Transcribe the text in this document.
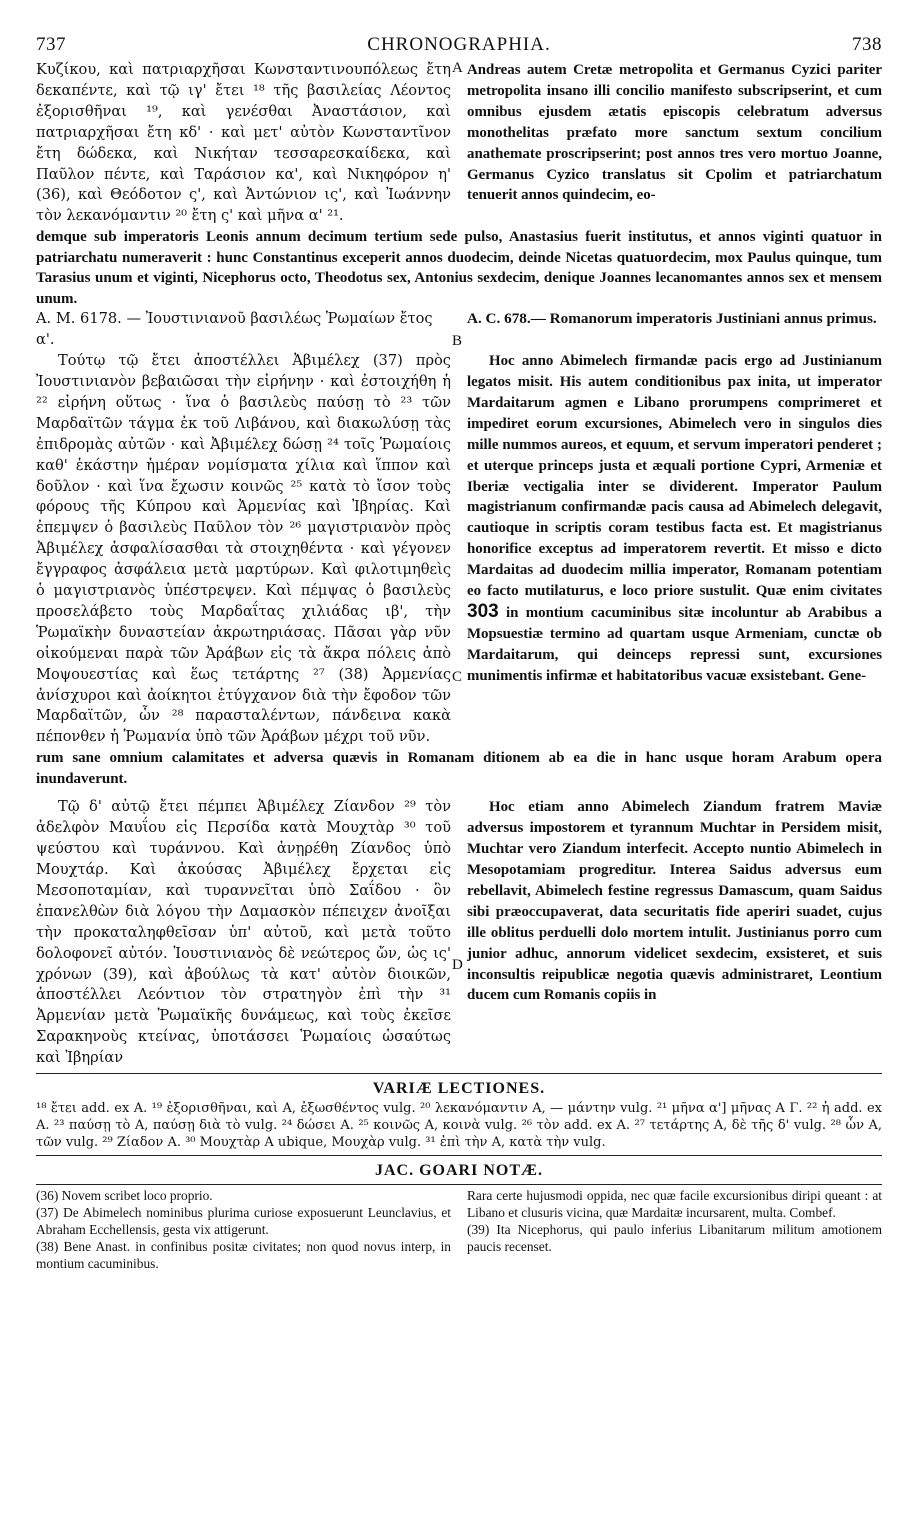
737	CHRONOGRAPHIA.	738
Κυζίκου, καὶ πατριαρχῆσαι Κωνσταντινουπόλεως ἔτη δεκαπέντε, καὶ τῷ ιγ' ἔτει ¹⁸ τῆς βασιλείας Λέοντος ἐξορισθῆναι ¹⁹, καὶ γενέσθαι Ἀναστάσιον, καὶ πατριαρχῆσαι ἔτη κδ' · καὶ μετ' αὐτὸν Κωνσταντῖνον ἔτη δώδεκα, καὶ Νικήταν τεσσαρεσκαίδεκα, καὶ Παῦλον πέντε, καὶ Ταράσιον κα', καὶ Νικηφόρον η' (36), καὶ Θεόδοτον ς', καὶ Ἀντώνιον ις', καὶ Ἰωάννην τὸν λεκανόμαντιν ²⁰ ἔτη ς' καὶ μῆνα α' ²¹.
Andreas autem Cretæ metropolita et Germanus Cyzici pariter metropolita insano illi concilio manifesto subscripserint, et cum omnibus ejusdem ætatis episcopis celebratum adversus monothelitas præfato more sanctum sextum concilium anathemate proscripserint; post annos tres vero mortuo Joanne, Germanus Cyzico translatus sit Cpolim et patriarchatum tenuerit annos quindecim, eo-
A
demque sub imperatoris Leonis annum decimum tertium sede pulso, Anastasius fuerit institutus, et annos viginti quatuor in patriarchatu numeraverit : hunc Constantinus exceperit annos duodecim, deinde Nicetas quatuordecim, mox Paulus quinque, tum Tarasius unum et viginti, Nicephorus octo, Theodotus sex, Antonius sexdecim, denique Joannes lecanomantes annos sex et mensem unum.
A. M. 6178. — Ἰουστινιανοῦ βασιλέως Ῥωμαίων ἔτος α'.
A. C. 678.— Romanorum imperatoris Justiniani annus primus.

Τούτῳ τῷ ἔτει ἀποστέλλει Ἀβιμέλεχ (37) πρὸς Ἰουστινιανὸν βεβαιῶσαι τὴν εἰρήνην · καὶ ἐστοιχήθη ἡ ²² εἰρήνη οὕτως · ἵνα ὁ βασιλεὺς παύσῃ τὸ ²³ τῶν Μαρδαϊτῶν τάγμα ἐκ τοῦ Λιβάνου, καὶ διακωλύσῃ τὰς ἐπιδρομὰς αὐτῶν · καὶ Ἀβιμέλεχ δώσῃ ²⁴ τοῖς Ῥωμαίοις καθ' ἑκάστην ἡμέραν νομίσματα χίλια καὶ ἵππον καὶ δοῦλον · καὶ ἵνα ἔχωσιν κοινῶς ²⁵ κατὰ τὸ ἴσον τοὺς φόρους τῆς Κύπρου καὶ Ἀρμενίας καὶ Ἰβηρίας. Καὶ ἐπεμψεν ὁ βασιλεὺς Παῦλον τὸν ²⁶ μαγιστριανὸν πρὸς Ἀβιμέλεχ ἀσφαλίσασθαι τὰ στοιχηθέντα · καὶ γέγονεν ἔγγραφος ἀσφάλεια μετὰ μαρτύρων. Καὶ φιλοτιμηθεὶς ὁ μαγιστριανὸς ὑπέστρεψεν. Καὶ πέμψας ὁ βασιλεὺς προσελάβετο τοὺς Μαρδαΐτας χιλιάδας ιβ', τὴν Ῥωμαϊκὴν δυναστείαν ἀκρωτηριάσας. Πᾶσαι γὰρ νῦν οἰκούμεναι παρὰ τῶν Ἀράβων εἰς τὰ ἄκρα πόλεις ἀπὸ Μοψουεστίας καὶ ἕως τετάρτης ²⁷ (38) Ἀρμενίας ἀνίσχυροι καὶ ἀοίκητοι ἐτύγχανον διὰ τὴν ἔφοδον τῶν Μαρδαϊτῶν, ὧν ²⁸ παρασταλέντων, πάνδεινα κακὰ πέπονθεν ἡ Ῥωμανία ὑπὸ τῶν Ἀράβων μέχρι τοῦ νῦν.

Hoc anno Abimelech firmandæ pacis ergo ad Justinianum legatos misit. His autem conditionibus pax inita, ut imperator Mardaitarum agmen e Libano prorumpens comprimeret et impediret eorum excursiones, Abimelech vero in singulos dies mille nummos aureos, et equum, et servum imperatori penderet ; et uterque princeps justa et æquali portione Cypri, Armeniæ et Iberiæ vectigalia inter se dividerent. Imperator Paulum magistrianum confirmandæ pacis causa ad Abimelech delegavit, cautioque in scriptis coram testibus facta est. Et magistrianus honorifice exceptus ad imperatorem revertit. Et misso e dicto Mardaitas ad duodecim millia imperator, Romanam potentiam eo facto mutilaturus, e loco priore sustulit. Quæ enim civitates 303 in montium cacuminibus sitæ incoluntur ab Arabibus a Mopsuestiæ termino ad quartam usque Armeniam, cunctæ ob Mardaitarum, qui deinceps repressi sunt, excursiones munimentis infirmæ et habitatoribus vacuæ exsistebant. Gene-

B
C
rum sane omnium calamitates et adversa quævis in Romanam ditionem ab ea die in hanc usque horam Arabum opera inundaverunt.

Τῷ δ' αὐτῷ ἔτει πέμπει Ἀβιμέλεχ Ζίανδον ²⁹ τὸν ἀδελφὸν Μαυΐου εἰς Περσίδα κατὰ Μουχτὰρ ³⁰ τοῦ ψεύστου καὶ τυράννου. Καὶ ἀνῃρέθη Ζίανδος ὑπὸ Μουχτάρ. Καὶ ἀκούσας Ἀβιμέλεχ ἔρχεται εἰς Μεσοποταμίαν, καὶ τυραννεῖται ὑπὸ Σαΐδου · ὃν ἐπανελθὼν διὰ λόγου τὴν Δαμασκὸν πέπειχεν ἀνοῖξαι τὴν προκαταληφθεῖσαν ὑπ' αὐτοῦ, καὶ μετὰ τοῦτο δολοφονεῖ αὐτόν. Ἰουστινιανὸς δὲ νεώτερος ὤν, ὡς ις' χρόνων (39), καὶ ἀβούλως τὰ κατ' αὐτὸν διοικῶν, ἀποστέλλει Λεόντιον τὸν στρατηγὸν ἐπὶ τὴν ³¹ Ἀρμενίαν μετὰ Ῥωμαϊκῆς δυνάμεως, καὶ τοὺς ἐκεῖσε Σαρακηνοὺς κτείνας, ὑποτάσσει Ῥωμαίοις ὡσαύτως καὶ Ἰβηρίαν

Hoc etiam anno Abimelech Ziandum fratrem Maviæ adversus impostorem et tyrannum Muchtar in Persidem misit, Muchtar vero Ziandum interfecit. Accepto nuntio Abimelech in Mesopotamiam progreditur. Interea Saidus adversus eum rebellavit, Abimelech festine regressus Damascum, quam Saidus sibi præoccupaverat, data securitatis fide aperiri suadet, cujus ille oblitus perduelli dolo mortem intulit. Justinianus porro cum junior adhuc, annorum videlicet sexdecim, exsisteret, et suis inconsultis reipublicæ negotia quævis administraret, Leontium ducem cum Romanis copiis in

D
VARIÆ LECTIONES.
¹⁸ ἔτει add. ex A. ¹⁹ ἐξορισθῆναι, καὶ A, ἐξωσθέντος vulg. ²⁰ λεκανόμαντιν A, — μάντην vulg. ²¹ μῆνα α'] μῆνας A Γ. ²² ἡ add. ex A. ²³ παύσῃ τὸ A, παύσῃ διὰ τὸ vulg. ²⁴ δώσει A. ²⁵ κοινῶς A, κοινὰ vulg. ²⁶ τὸν add. ex A. ²⁷ τετάρτης A, δὲ τῆς δ' vulg. ²⁸ ὧν A, τῶν vulg. ²⁹ Ζίαδον A. ³⁰ Μουχτὰρ A ubique, Μουχὰρ vulg. ³¹ ἐπὶ τὴν A, κατὰ τὴν vulg.
JAC. GOARI NOTÆ.

(36) Novem scribet loco proprio.

(37) De Abimelech nominibus plurima curiose exposuerunt Leunclavius, et Abraham Ecchellensis, gesta vix attigerunt.

(38) Bene Anast. in confinibus positæ civitates; non quod novus interp, in montium cacuminibus.

Rara certe hujusmodi oppida, nec quæ facile excursionibus diripi queant : at Libano et clusuris vicina, quæ Mardaitæ incursarent, multa. Combef.

(39) Ita Nicephorus, qui paulo inferius Libanitarum militum amotionem paucis recenset.
